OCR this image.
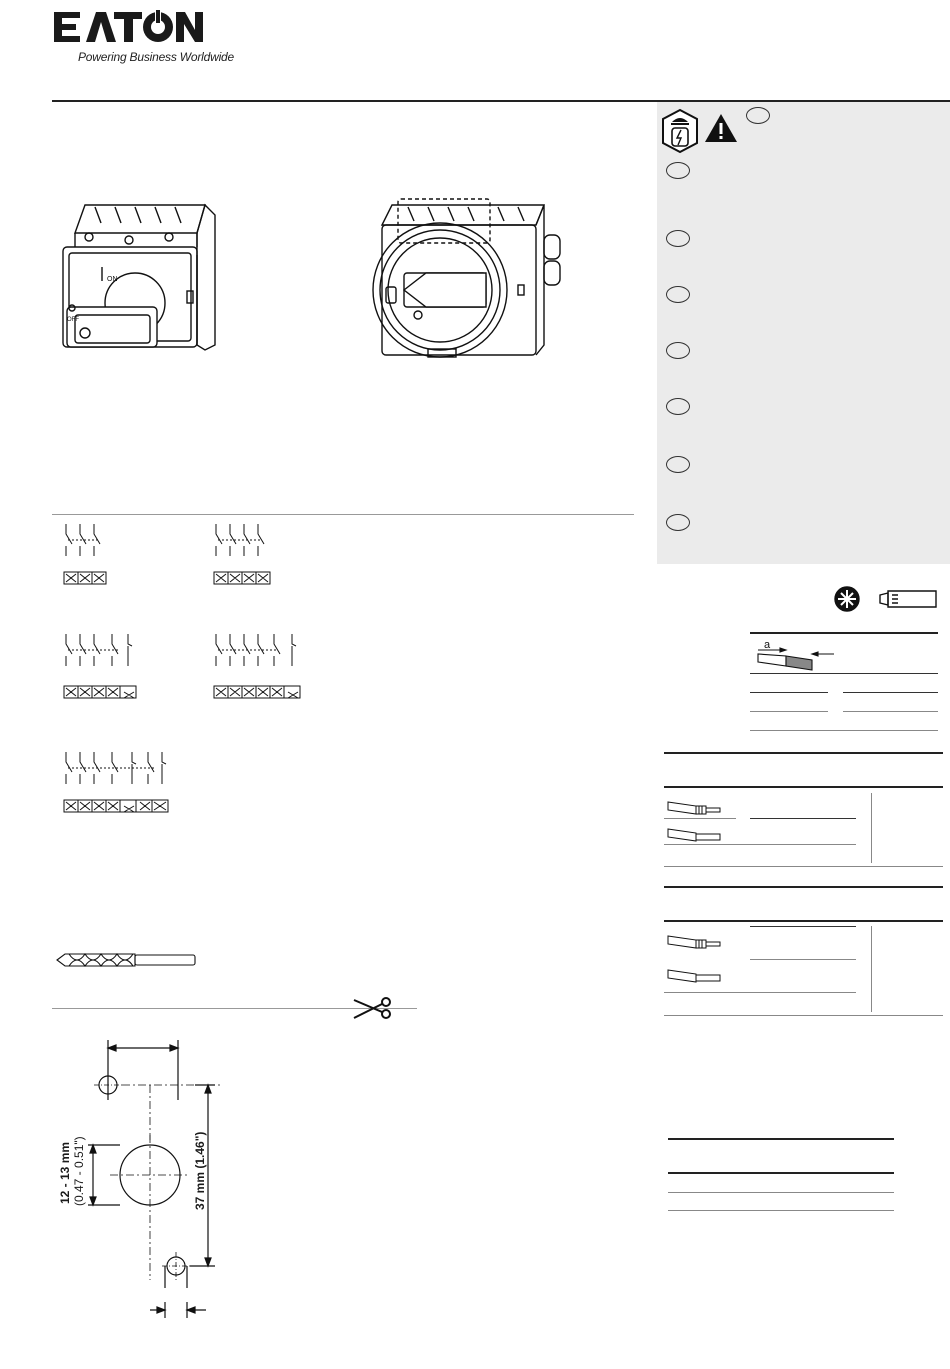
Powering Business Worldwide
ON
OFF
12 - 13 mm (0.47 - 0.51")	37 mm (1.46")
a
